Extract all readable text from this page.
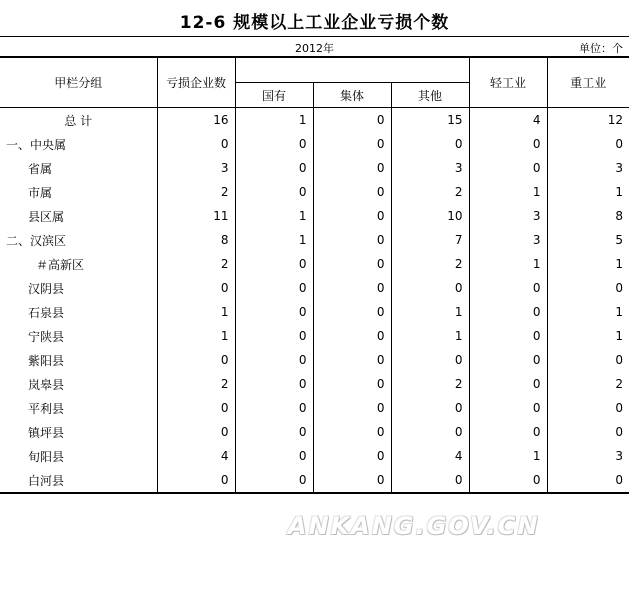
12-6 规模以上工业企业亏损个数
2012年	单位：个
甲栏分组	亏损企业数				轻工业	重工业
		国有	集体	其他		
总 计	16	1	0	15	4	12
一、中央属	0	0	0	0	0	0
省属	3	0	0	3	0	3
市属	2	0	0	2	1	1
县区属	11	1	0	10	3	8
二、汉滨区	8	1	0	7	3	5
＃高新区	2	0	0	2	1	1
汉阴县	0	0	0	0	0	0
石泉县	1	0	0	1	0	1
宁陕县	1	0	0	1	0	1
紫阳县	0	0	0	0	0	0
岚皋县	2	0	0	2	0	2
平利县	0	0	0	0	0	0
镇坪县	0	0	0	0	0	0
旬阳县	4	0	0	4	1	3
白河县	0	0	0	0	0	0
ANKANG.GOV.CN
